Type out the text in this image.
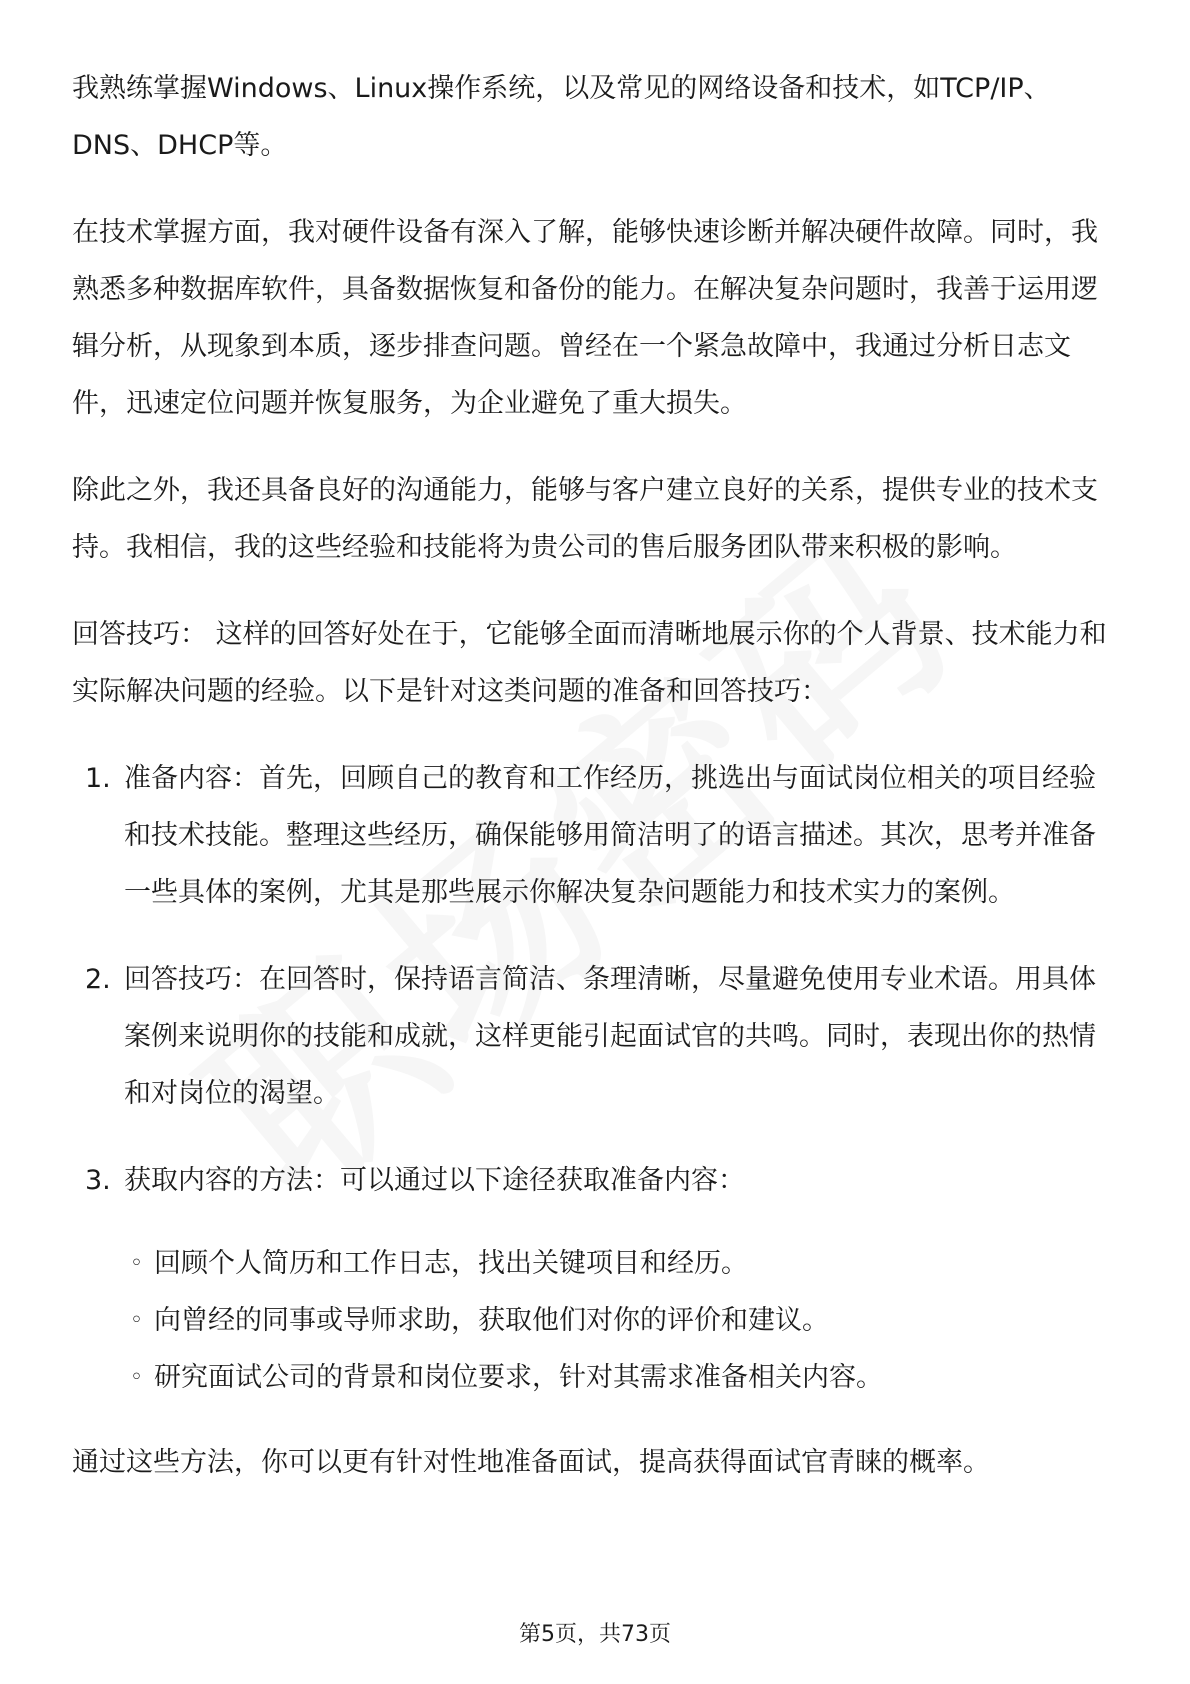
我熟练掌握Windows、Linux操作系统，以及常见的网络设备和技术，如TCP/IP、DNS、DHCP等。

在技术掌握方面，我对硬件设备有深入了解，能够快速诊断并解决硬件故障。同时，我熟悉多种数据库软件，具备数据恢复和备份的能力。在解决复杂问题时，我善于运用逻辑分析，从现象到本质，逐步排查问题。曾经在一个紧急故障中，我通过分析日志文件，迅速定位问题并恢复服务，为企业避免了重大损失。

除此之外，我还具备良好的沟通能力，能够与客户建立良好的关系，提供专业的技术支持。我相信，我的这些经验和技能将为贵公司的售后服务团队带来积极的影响。

回答技巧： 这样的回答好处在于，它能够全面而清晰地展示你的个人背景、技术能力和实际解决问题的经验。以下是针对这类问题的准备和回答技巧：

1. 准备内容：首先，回顾自己的教育和工作经历，挑选出与面试岗位相关的项目经验和技术技能。整理这些经历，确保能够用简洁明了的语言描述。其次，思考并准备一些具体的案例，尤其是那些展示你解决复杂问题能力和技术实力的案例。
2. 回答技巧：在回答时，保持语言简洁、条理清晰，尽量避免使用专业术语。用具体案例来说明你的技能和成就，这样更能引起面试官的共鸣。同时，表现出你的热情和对岗位的渴望。
3. 获取内容的方法：可以通过以下途径获取准备内容：
◦ 回顾个人简历和工作日志，找出关键项目和经历。
◦ 向曾经的同事或导师求助，获取他们对你的评价和建议。
◦ 研究面试公司的背景和岗位要求，针对其需求准备相关内容。

通过这些方法，你可以更有针对性地准备面试，提高获得面试官青睐的概率。

第5页，共73页
